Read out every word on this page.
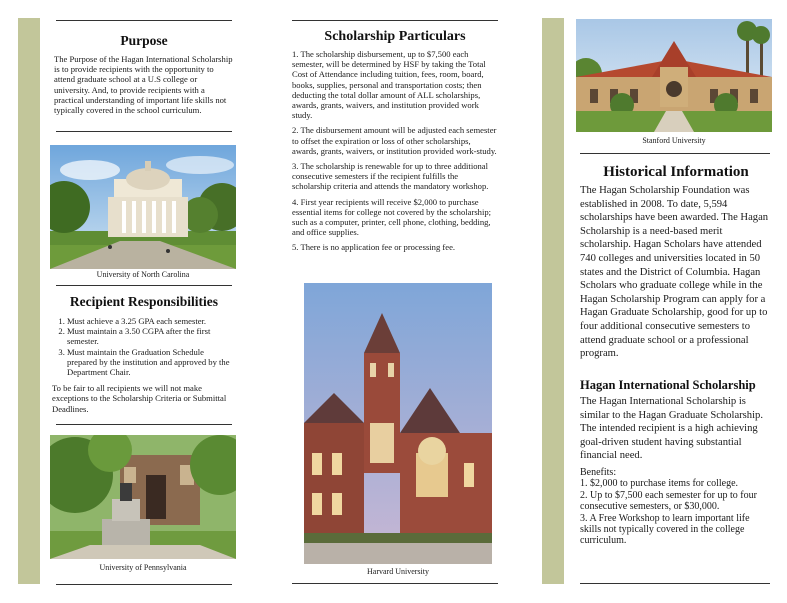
Purpose

The Purpose of the Hagan International Scholarship is to provide recipients with the opportunity to attend graduate school at a U.S college or university. And, to provide recipients with a practical understanding of important life skills not typically covered in the school curriculum.

University of North Carolina
Recipient Responsibilities
1. Must achieve a 3.25 GPA each semester.
2. Must maintain a 3.50 CGPA after the first semester.
3. Must maintain the Graduation Schedule prepared by the institution and approved by the Department Chair.

To be fair to all recipients we will not make exceptions to the Scholarship Criteria or Submittal Deadlines.

University of Pennsylvania
Scholarship Particulars

1. The scholarship disbursement, up to $7,500 each semester, will be determined by HSF by taking the Total Cost of Attendance including tuition, fees, room, board, books, supplies, personal and transportation costs; then deducting the total dollar amount of ALL scholarships, awards, grants, waivers, and institution provided work study.

2. The disbursement amount will be adjusted each semester to offset the expiration or loss of other scholarships, awards, grants, waivers, or institution provided work-study.

3. The scholarship is renewable for up to three additional consecutive semesters if the recipient fulfills the scholarship criteria and attends the mandatory workshop.

4. First year recipients will receive $2,000 to purchase essential items for college not covered by the scholarship; such as a computer, printer, cell phone, clothing, bedding, and office supplies.

5. There is no application fee or processing fee.

Harvard University
Stanford University
Historical Information

The Hagan Scholarship Foundation was established in 2008. To date, 5,594 scholarships have been awarded. The Hagan Scholarship is a need-based merit scholarship. Hagan Scholars have attended 740 colleges and universities located in 50 states and the District of Columbia. Hagan Scholars who graduate college while in the Hagan Scholarship Program can apply for a Hagan Graduate Scholarship, good for up to four additional consecutive semesters to attend graduate school or a professional program.

Hagan International Scholarship

The Hagan International Scholarship is similar to the Hagan Graduate Scholarship. The intended recipient is a high achieving goal-driven student having substantial financial need.

Benefits:

1. $2,000 to purchase items for college.

2. Up to $7,500 each semester for up to four consecutive semesters, or $30,000.

3. A Free Workshop to learn important life skills not typically covered in the college curriculum.
